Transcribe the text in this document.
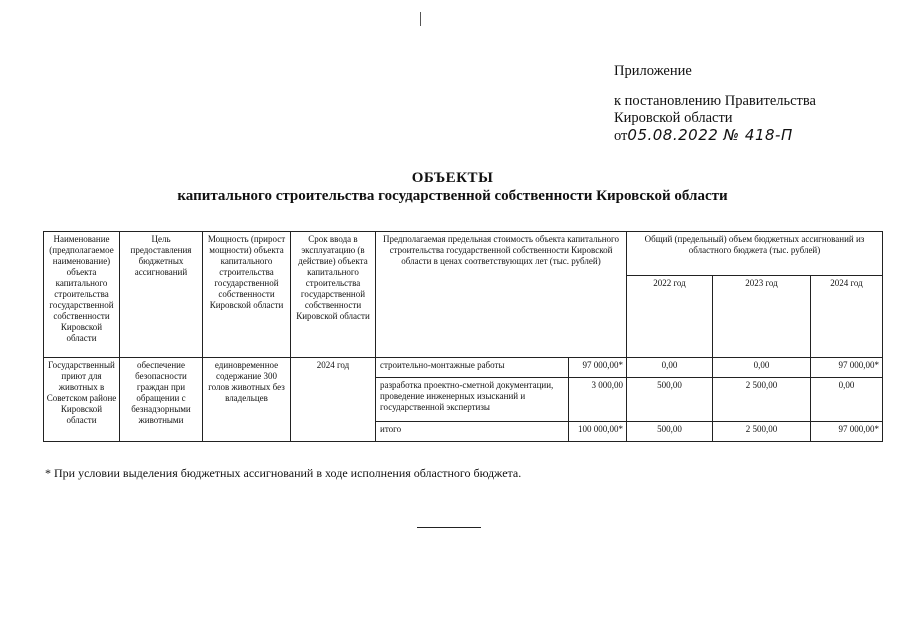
Приложение
к постановлению Правительства
Кировской области
от05.08.2022 № 418-П
ОБЪЕКТЫ
капитального строительства государственной собственности Кировской области
Наименование (предполагаемое наименование) объекта капитального строительства государственной собственности Кировской области	Цель предоставления бюджетных ассигнований	Мощность (прирост мощности) объекта капитального строительства государственной собственности Кировской области	Срок ввода в эксплуатацию (в действие) объекта капитального строительства государственной собственности Кировской области	Предполагаемая предельная стоимость объекта капитального строительства государственной собственности Кировской области в ценах соответствующих лет (тыс. рублей)		Общий (предельный) объем бюджетных ассигнований из областного бюджета (тыс. рублей)		
						2022 год	2023 год	2024 год
Государственный приют для животных в Советском районе Кировской области	обеспечение безопасности граждан при обращении с безнадзорными животными	единовременное содержание 300 голов животных без владельцев	2024 год	строительно-монтажные работы	97 000,00*	0,00	0,00	97 000,00*
				разработка проектно-сметной документации, проведение инженерных изысканий и государственной экспертизы	3 000,00	500,00	2 500,00	0,00
				итого	100 000,00*	500,00	2 500,00	97 000,00*
* При условии выделения бюджетных ассигнований в ходе исполнения областного бюджета.
